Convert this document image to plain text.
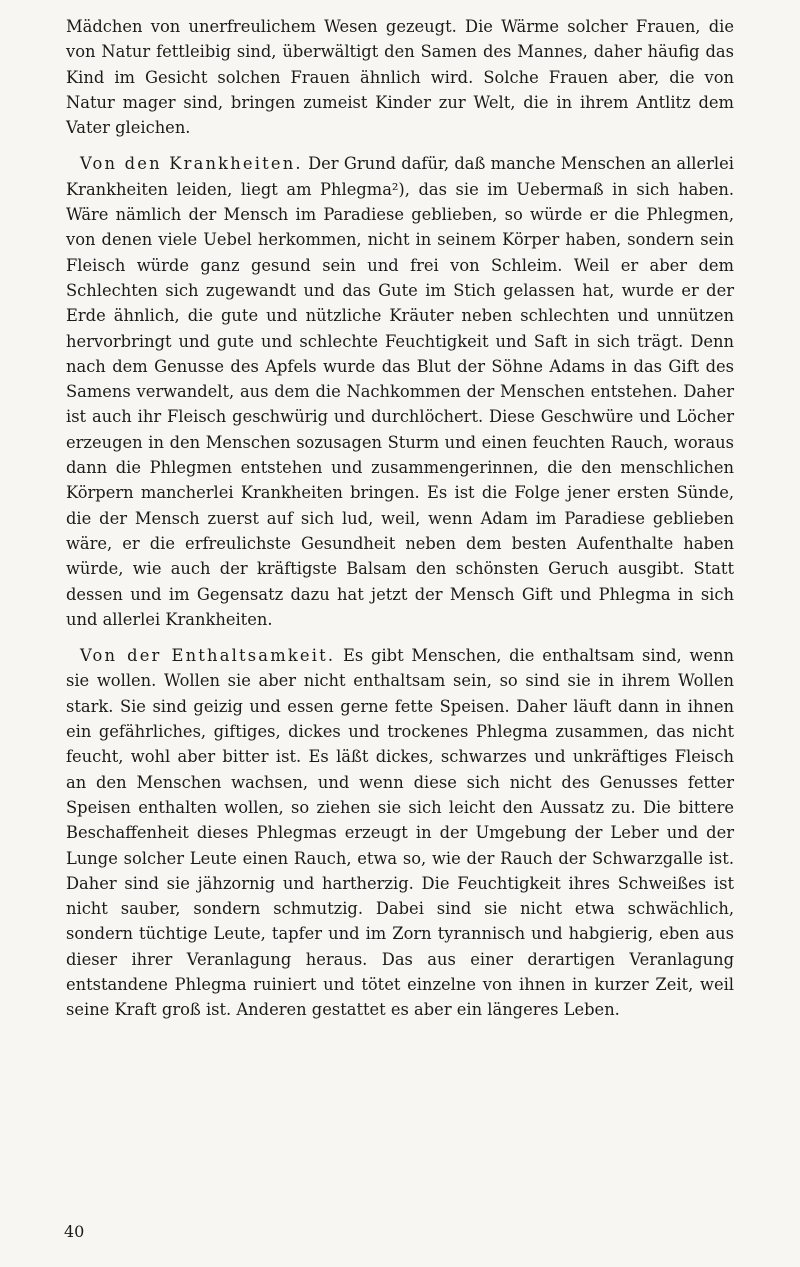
Mädchen von unerfreulichem Wesen gezeugt. Die Wärme solcher Frauen, die von Natur fettleibig sind, überwältigt den Samen des Mannes, daher häufig das Kind im Gesicht solchen Frauen ähnlich wird. Solche Frauen aber, die von Natur mager sind, bringen zumeist Kinder zur Welt, die in ihrem Antlitz dem Vater gleichen.

Von den Krankheiten. Der Grund dafür, daß manche Menschen an allerlei Krankheiten leiden, liegt am Phlegma²), das sie im Uebermaß in sich haben. Wäre nämlich der Mensch im Paradiese geblieben, so würde er die Phlegmen, von denen viele Uebel herkommen, nicht in seinem Körper haben, sondern sein Fleisch würde ganz gesund sein und frei von Schleim. Weil er aber dem Schlechten sich zugewandt und das Gute im Stich gelassen hat, wurde er der Erde ähnlich, die gute und nützliche Kräuter neben schlechten und unnützen hervorbringt und gute und schlechte Feuchtigkeit und Saft in sich trägt. Denn nach dem Genusse des Apfels wurde das Blut der Söhne Adams in das Gift des Samens verwandelt, aus dem die Nachkommen der Menschen entstehen. Daher ist auch ihr Fleisch geschwürig und durchlöchert. Diese Geschwüre und Löcher erzeugen in den Menschen sozusagen Sturm und einen feuchten Rauch, woraus dann die Phlegmen entstehen und zusammengerinnen, die den menschlichen Körpern mancherlei Krankheiten bringen. Es ist die Folge jener ersten Sünde, die der Mensch zuerst auf sich lud, weil, wenn Adam im Paradiese geblieben wäre, er die erfreulichste Gesundheit neben dem besten Aufenthalte haben würde, wie auch der kräftigste Balsam den schönsten Geruch ausgibt. Statt dessen und im Gegensatz dazu hat jetzt der Mensch Gift und Phlegma in sich und allerlei Krankheiten.

Von der Enthaltsamkeit. Es gibt Menschen, die enthaltsam sind, wenn sie wollen. Wollen sie aber nicht enthaltsam sein, so sind sie in ihrem Wollen stark. Sie sind geizig und essen gerne fette Speisen. Daher läuft dann in ihnen ein gefährliches, giftiges, dickes und trockenes Phlegma zusammen, das nicht feucht, wohl aber bitter ist. Es läßt dickes, schwarzes und unkräftiges Fleisch an den Menschen wachsen, und wenn diese sich nicht des Genusses fetter Speisen enthalten wollen, so ziehen sie sich leicht den Aussatz zu. Die bittere Beschaffenheit dieses Phlegmas erzeugt in der Umgebung der Leber und der Lunge solcher Leute einen Rauch, etwa so, wie der Rauch der Schwarzgalle ist. Daher sind sie jähzornig und hartherzig. Die Feuchtigkeit ihres Schweißes ist nicht sauber, sondern schmutzig. Dabei sind sie nicht etwa schwächlich, sondern tüchtige Leute, tapfer und im Zorn tyrannisch und habgierig, eben aus dieser ihrer Veranlagung heraus. Das aus einer derartigen Veranlagung entstandene Phlegma ruiniert und tötet einzelne von ihnen in kurzer Zeit, weil seine Kraft groß ist. Anderen gestattet es aber ein längeres Leben.

40
